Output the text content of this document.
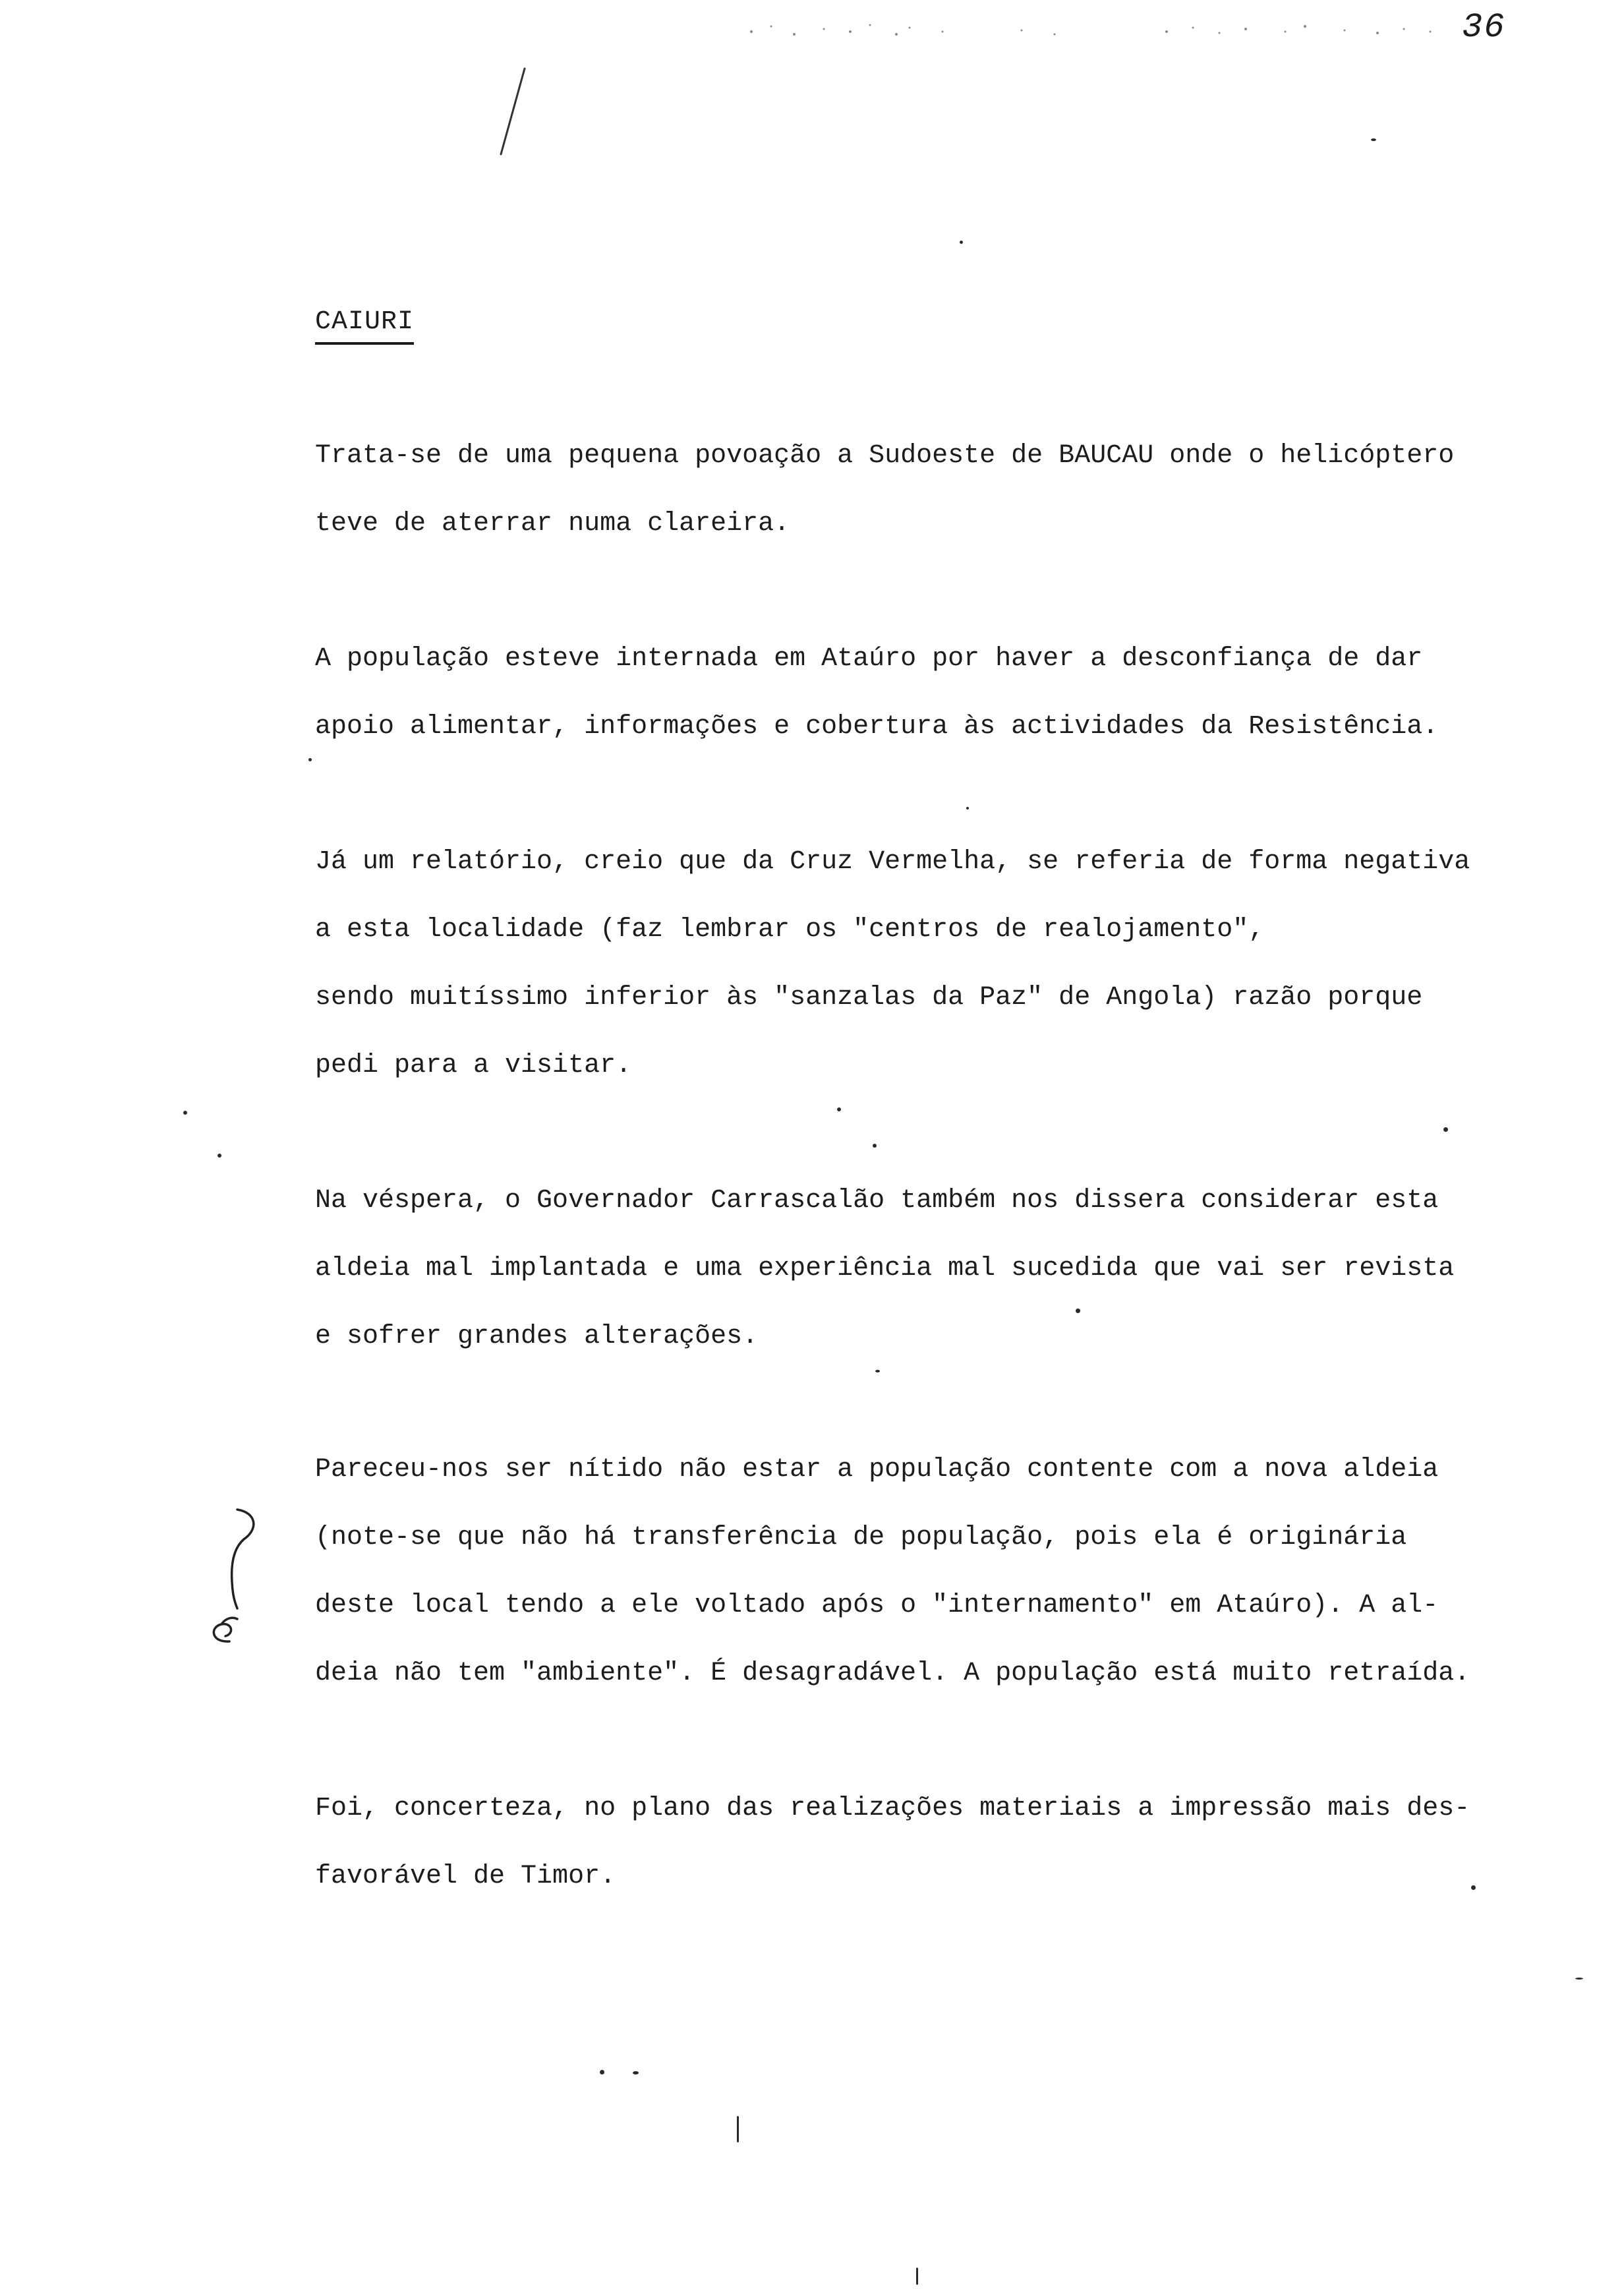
36
CAIURI

Trata-se de uma pequena povoação a Sudoeste de BAUCAU onde o helicóptero
teve de aterrar numa clareira.

A população esteve internada em Ataúro por haver a desconfiança de dar
apoio alimentar, informações e cobertura às actividades da Resistência.

Já um relatório, creio que da Cruz Vermelha, se referia de forma negativa
a esta localidade (faz lembrar os "centros de realojamento",
sendo muitíssimo inferior às "sanzalas da Paz" de Angola) razão porque
pedi para a visitar.

Na véspera, o Governador Carrascalão também nos dissera considerar esta
aldeia mal implantada e uma experiência mal sucedida que vai ser revista
e sofrer grandes alterações.

Pareceu-nos ser nítido não estar a população contente com a nova aldeia
(note-se que não há transferência de população, pois ela é originária
deste local tendo a ele voltado após o "internamento" em Ataúro). A al-
deia não tem "ambiente". É desagradável. A população está muito retraída.

Foi, concerteza, no plano das realizações materiais a impressão mais des-
favorável de Timor.
